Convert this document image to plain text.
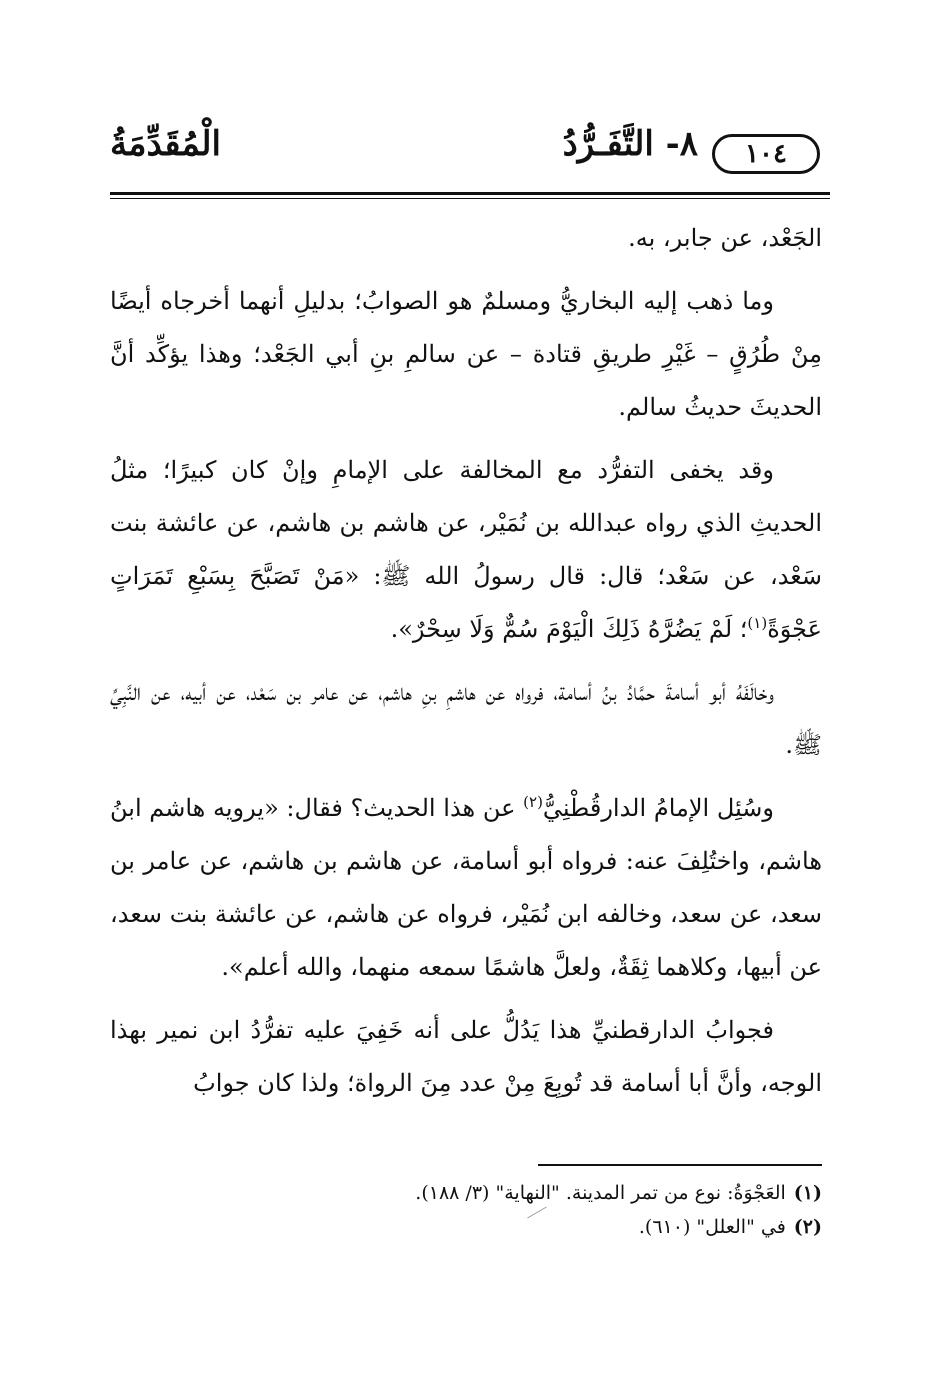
١٠٤
٨- التَّفَـرُّدُ
الْمُقَدِّمَةُ

الجَعْد، عن جابر، به.

وما ذهب إليه البخاريُّ ومسلمٌ هو الصوابُ؛ بدليلِ أنهما أخرجاه أيضًا مِنْ طُرُقٍ – غَيْرِ طريقِ قتادة – عن سالمِ بنِ أبي الجَعْد؛ وهذا يؤكِّد أنَّ الحديثَ حديثُ سالم.

وقد يخفى التفرُّد مع المخالفة على الإمامِ وإنْ كان كبيرًا؛ مثلُ الحديثِ الذي رواه عبدالله بن نُمَيْر، عن هاشم بن هاشم، عن عائشة بنت سَعْد، عن سَعْد؛ قال: قال رسولُ الله ﷺ: «مَنْ تَصَبَّحَ بِسَبْعِ تَمَرَاتٍ عَجْوَةً$^{(١)}$؛ لَمْ يَضُرَّهُ ذَلِكَ الْيَوْمَ سُمٌّ وَلَا سِحْرٌ».

وخالَفَهُ أبو أسامةَ حمَّادُ بنُ أسامة، فرواه عن هاشمِ بنِ هاشم، عن عامر بن سَعْد، عن أبيه، عن النَّبِيِّ ﷺ.

وسُئِل الإمامُ الدارقُطْنِيُّ$^{(٢)}$ عن هذا الحديث؟ فقال: «يرويه هاشم ابنُ هاشم، واختُلِفَ عنه: فرواه أبو أسامة، عن هاشم بن هاشم، عن عامر بن سعد، عن سعد، وخالفه ابن نُمَيْر، فرواه عن هاشم، عن عائشة بنت سعد، عن أبيها، وكلاهما ثِقَةٌ، ولعلَّ هاشمًا سمعه منهما، والله أعلم».

فجوابُ الدارقطنيِّ هذا يَدُلُّ على أنه خَفِيَ عليه تفرُّدُ ابن نمير بهذا الوجه، وأنَّ أبا أسامة قد تُوبِعَ مِنْ عدد مِنَ الرواة؛ ولذا كان جوابُ

(١)العَجْوَةُ: نوع من تمر المدينة. "النهاية" (٣/ ١٨٨).

(٢)في "العلل" (٦١٠).
